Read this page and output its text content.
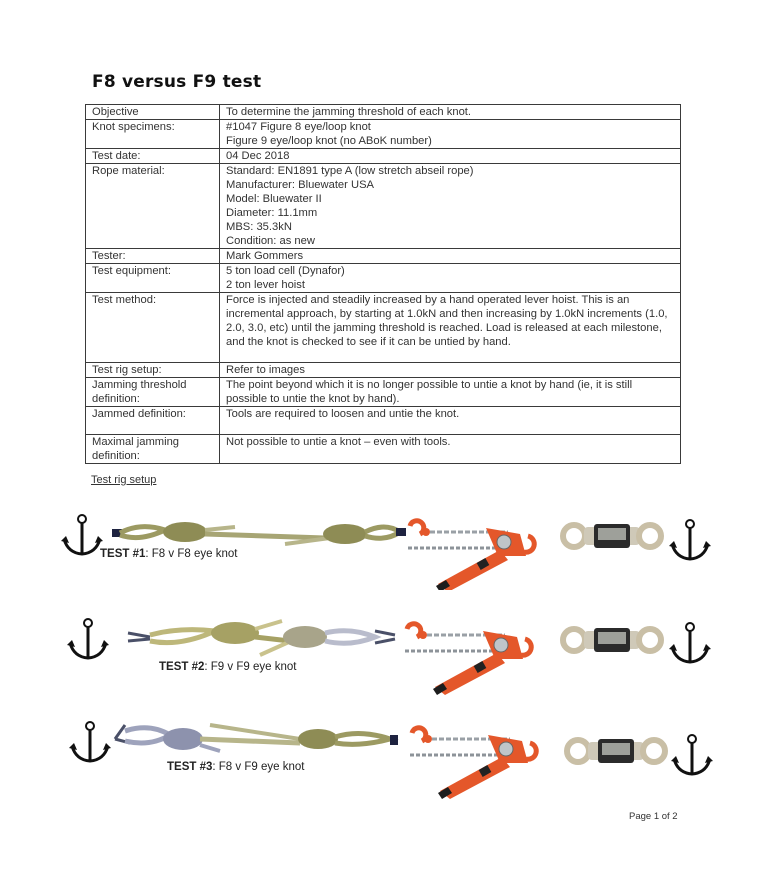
F8 versus F9 test
Objective	To determine the jamming threshold of each knot.

Knot specimens:	#1047 Figure 8 eye/loop knot
Figure 9 eye/loop knot (no ABoK number)

Test date:	04 Dec 2018

Rope material:	Standard: EN1891 type A (low stretch abseil rope)
Manufacturer: Bluewater USA
Model: Bluewater II
Diameter: 11.1mm
MBS: 35.3kN
Condition: as new

Tester:	Mark Gommers

Test equipment:	5 ton load cell (Dynafor)
2 ton lever hoist

Test method:	Force is injected and steadily increased by a hand operated lever hoist. This is an incremental approach, by starting at 1.0kN and then increasing by 1.0kN increments (1.0, 2.0, 3.0, etc) until the jamming threshold is reached. Load is released at each milestone, and the knot is checked to see if it can be untied by hand.

Test rig setup:	Refer to images

Jamming threshold definition:	The point beyond which it is no longer possible to untie a knot by hand (ie, it is still possible to untie the knot by hand).

Jammed definition:	Tools are required to loosen and untie the knot.

Maximal jamming definition:	Not possible to untie a knot – even with tools.
Test rig setup
TEST #1: F8 v F8 eye knot
TEST #2: F9 v F9 eye knot
TEST #3: F8 v F9 eye knot
Page 1 of 2
